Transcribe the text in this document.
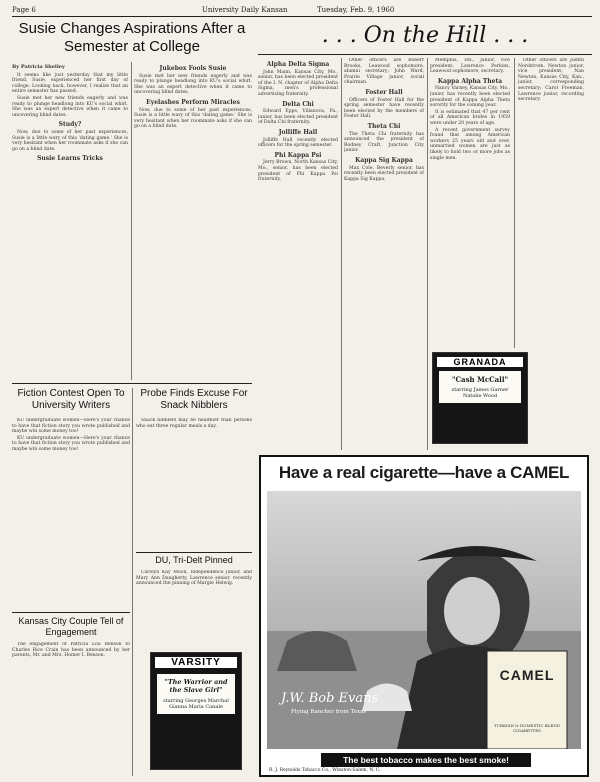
Page 6	University Daily Kansan	Tuesday, Feb. 9, 1960
Susie Changes Aspirations After a Semester at College
By Patricia Shelley

It seems like just yesterday that my little friend, Susie, experienced her first day of college. Looking back, however, I realize that an entire semester has passed.

Susie met her new friends eagerly and was ready to plunge headlong into KU's social whirl. She was an expert detective when it came to uncovering blind dates.

Study?

Now, due to some of her past experiences, Susie is a little wary of this 'dating game.' She is very hesitant when her roommate asks if she can go on a blind date.

Susie Learns Tricks
Jukebox Fools Susie

Susie met her new friends eagerly and was ready to plunge headlong into KU's social whirl. She was an expert detective when it came to uncovering blind dates.

Eyelashes Perform Miracles

Now, due to some of her past experiences, Susie is a little wary of this 'dating game.' She is very hesitant when her roommate asks if she can go on a blind date.

Fiction Contest Open To University Writers

KU undergraduate women—Here's your chance to have that fiction story you wrote published and maybe win some money too!

KU undergraduate women—Here's your chance to have that fiction story you wrote published and maybe win some money too!

Kansas City Couple Tell of Engagement

The engagement of Patricia Lou Benson to Charles Rice Crain has been announced by her parents, Mr. and Mrs. Homer I. Benson.

Probe Finds Excuse For Snack Nibblers

Snack nibblers may be healthier than persons who eat three regular meals a day.

DU, Tri-Delt Pinned

Carolyn Kay Moon, Independence junior, and Mary Ann Daugherty, Lawrence senior, recently announced the pinning of Margie Helwig.

VARSITY
"The Warrior and the Slave Girl"
starring Georges Marchal Gianna Maria Canale
. . . On the Hill . . .
Alpha Delta Sigma

John Mann, Kansas City, Mo., senior, has been elected president of the I. N. chapter of Alpha Delta Sigma, men's professional advertising fraternity.

Delta Chi

Edward Epps, Villanova, Pa., junior, has been elected president of Delta Chi fraternity.

Jolliffe Hall

Jolliffe Hall recently elected officers for the spring semester.

Phi Kappa Psi

Jerry Brown, North Kansas City, Mo., senior, has been elected president of Phi Kappa Psi fraternity.

Other officers are Robert Brooks, Leawood sophomore, alumni secretary; John Ward, Prairie Village junior, social chairman.

Foster Hall

Officers of Foster Hall for the spring semester have recently been elected by the members of Foster Hall.

Theta Chi

The Theta Chi fraternity has announced the president of Rodney Craft, Junction City junior.

Kappa Sig Kappa

Max Cole, Beverly senior, has recently been elected president of Kappa Sig Kappa.

Memphis, Tex., junior, vice president; Lawrence Perkins, Leawood sophomore, secretary.

Kappa Alpha Theta

Nancy Varney, Kansas City, Mo., junior, has recently been elected president of Kappa Alpha Theta sorority for the coming year.

It is estimated that 47 per cent of all American brides in 1959 were under 20 years of age.

A recent government survey found that among American workers 25 years old and over, unmarried women are just as likely to hold two or more jobs as single men.

GRANADA
"Cash McCall"
starring James Garner Natalie Wood

Other officers are Judith Nordstrom, Newton junior, vice president; Nan Newton, Kansas City, Kan., junior, corresponding secretary; Carol Freeman, Lawrence junior, recording secretary.

Have a real cigarette—have a CAMEL
J.W. Bob Evans
Flying Rancher from Texas
CAMEL
TURKISH & DOMESTIC BLEND CIGARETTES
The best tobacco makes the best smoke!
R. J. Reynolds Tobacco Co., Winston-Salem, N. C.
